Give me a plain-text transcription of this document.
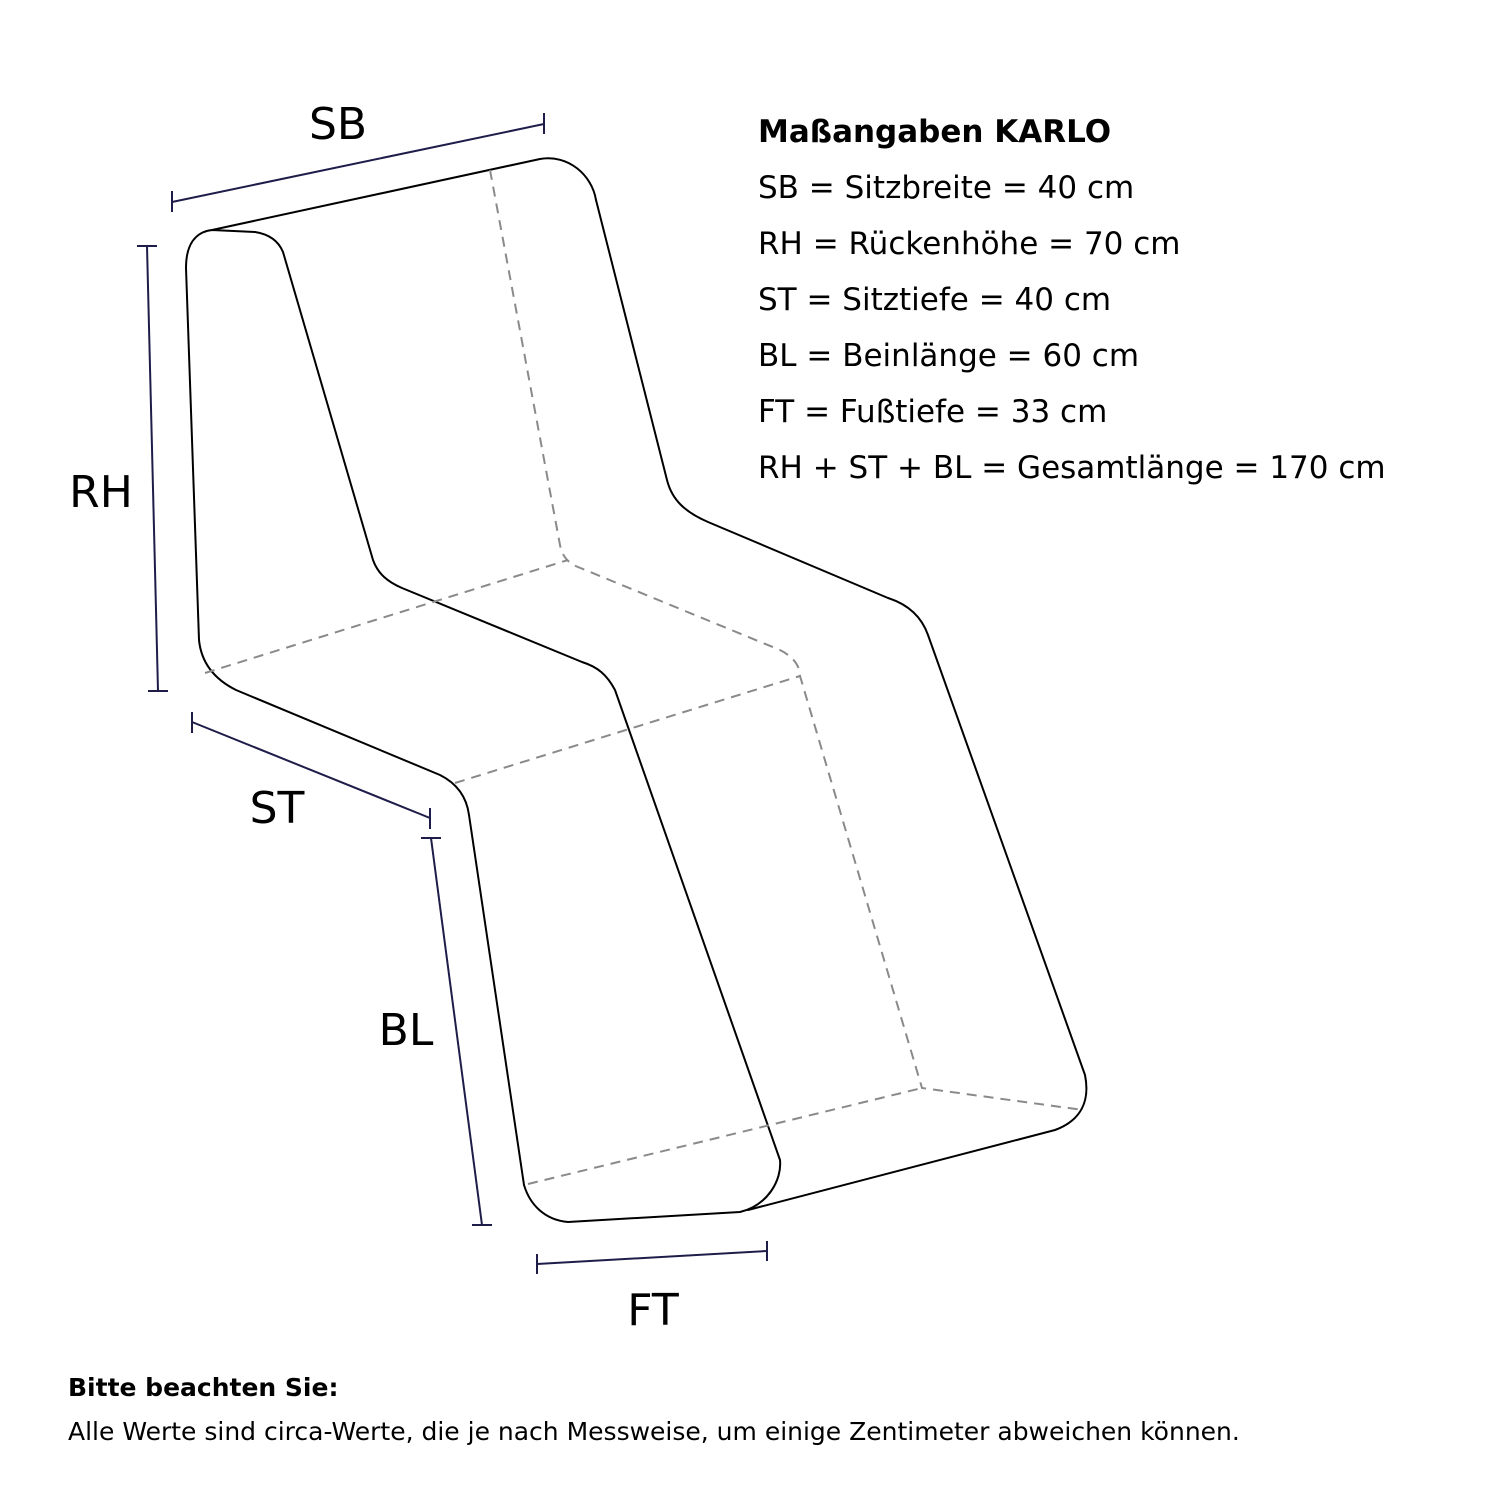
SB
RH
ST
BL
FT
Maßangaben KARLO
SB = Sitzbreite = 40 cm
RH = Rückenhöhe = 70 cm
ST = Sitztiefe = 40 cm
BL = Beinlänge = 60 cm
FT = Fußtiefe = 33 cm
RH + ST + BL = Gesamtlänge = 170 cm
Bitte beachten Sie:
Alle Werte sind circa-Werte, die je nach Messweise, um einige Zentimeter abweichen können.
